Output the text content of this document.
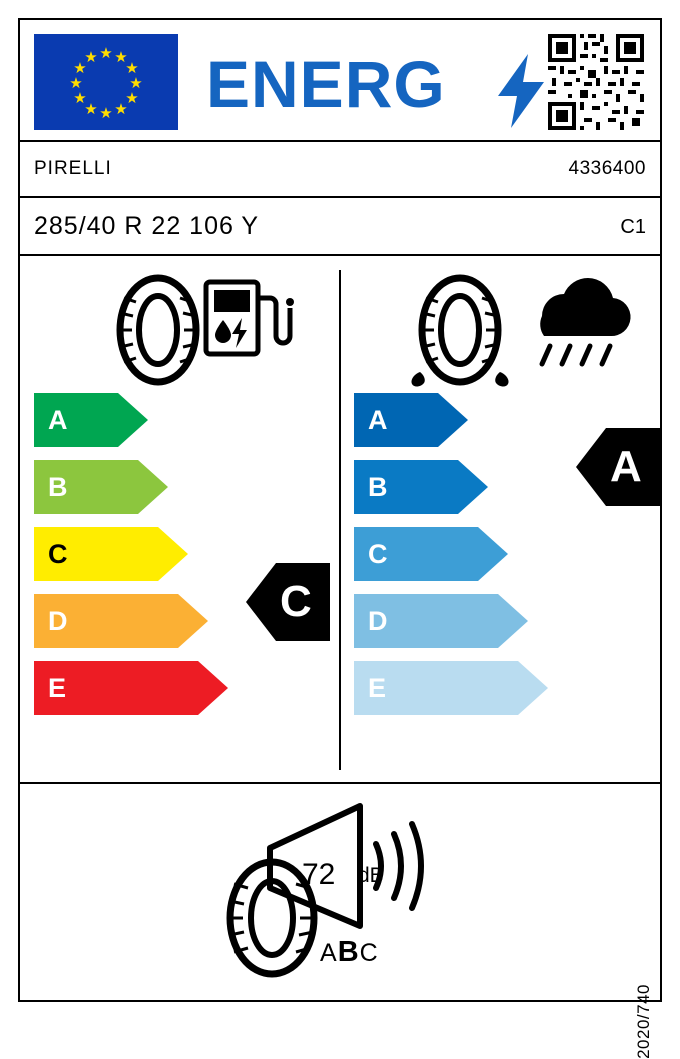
★ ★
★
★
★
★
★
★
★
★
★
★ ENERG
PIRELLI	4336400
285/40 R 22 106 Y	C1
A
B
C
D
E
C
A
B
C
D
E
A
72 dB
ABC
2020/740
